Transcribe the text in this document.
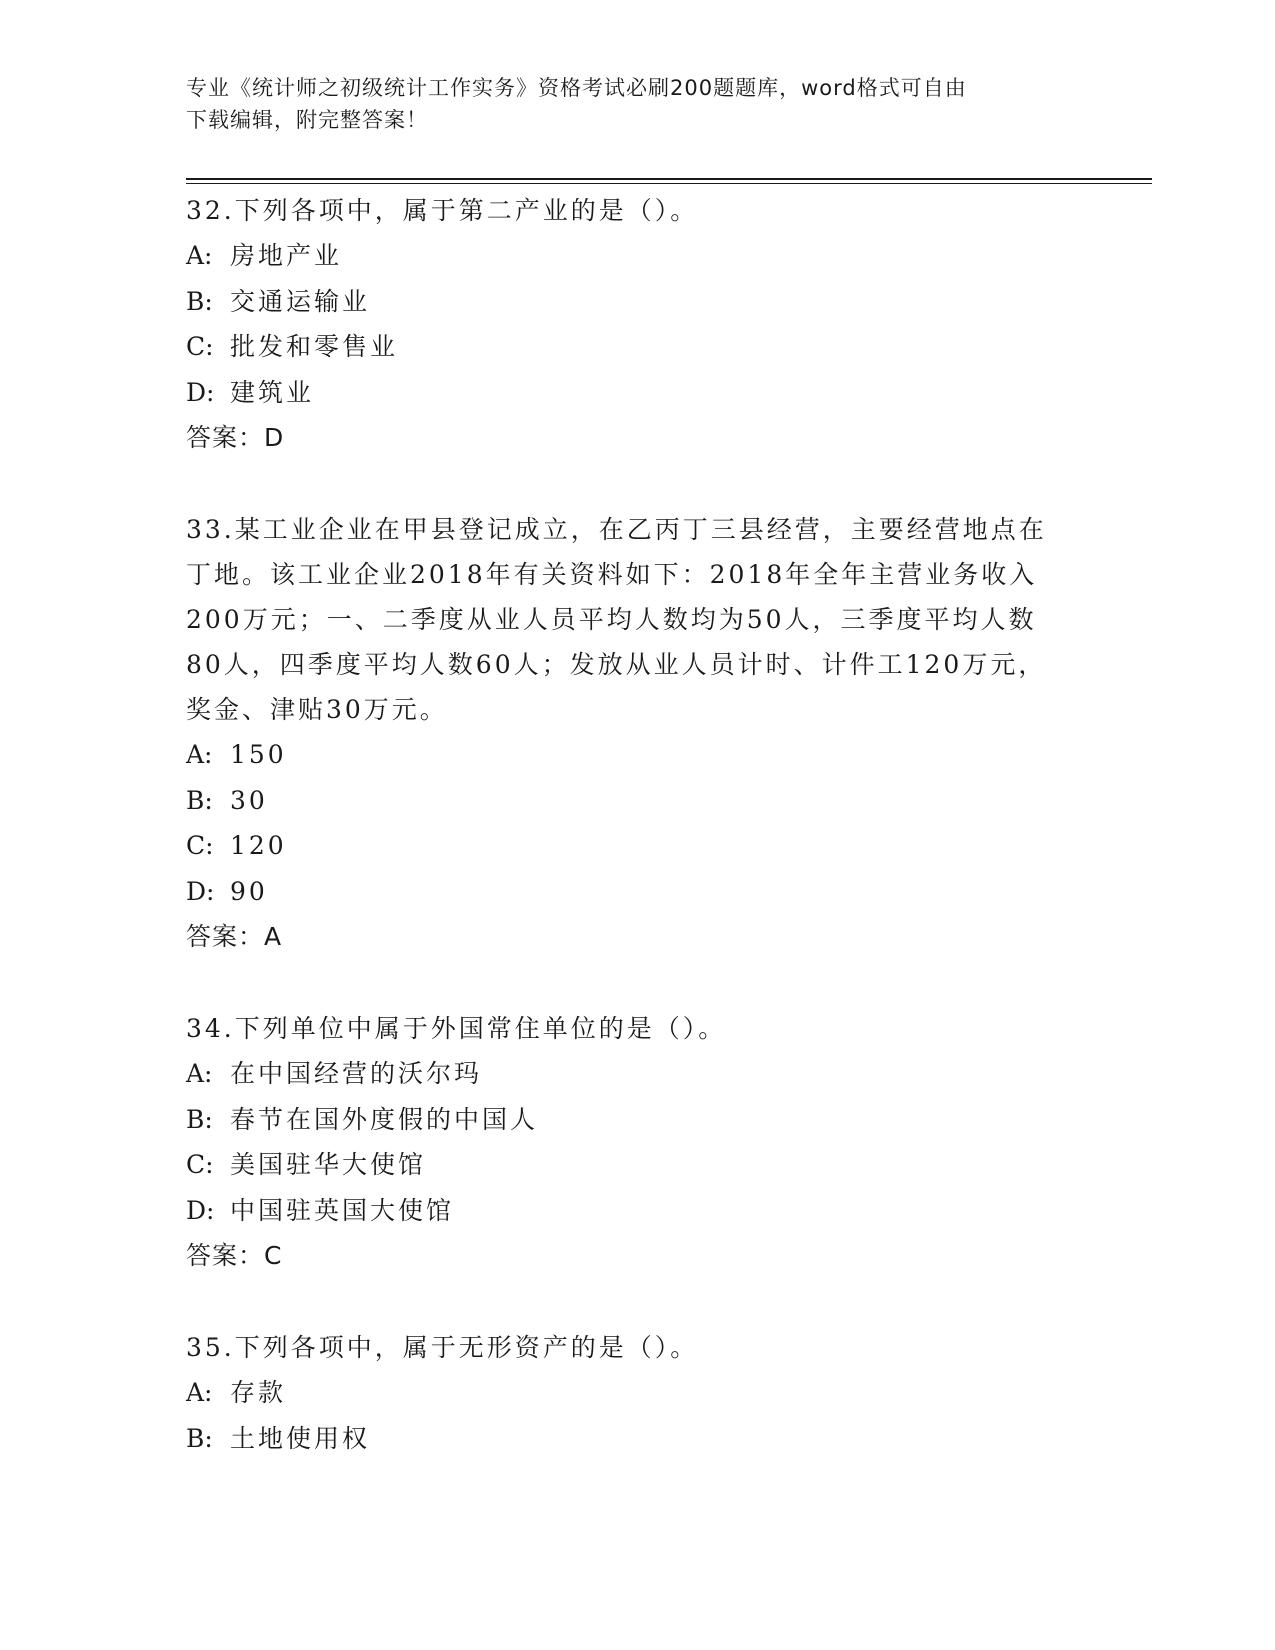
专业《统计师之初级统计工作实务》资格考试必刷200题题库，word格式可自由
下载编辑，附完整答案！

32.下列各项中，属于第二产业的是（）。

A: 房地产业

B: 交通运输业

C: 批发和零售业

D: 建筑业

答案：D

33.某工业企业在甲县登记成立，在乙丙丁三县经营，主要经营地点在

丁地。该工业企业2018年有关资料如下：2018年全年主营业务收入

200万元；一、二季度从业人员平均人数均为50人，三季度平均人数

80人，四季度平均人数60人；发放从业人员计时、计件工120万元，

奖金、津贴30万元。

A: 150

B: 30

C: 120

D: 90

答案：A

34.下列单位中属于外国常住单位的是（）。

A: 在中国经营的沃尔玛

B: 春节在国外度假的中国人

C: 美国驻华大使馆

D: 中国驻英国大使馆

答案：C

35.下列各项中，属于无形资产的是（）。

A: 存款

B: 土地使用权
